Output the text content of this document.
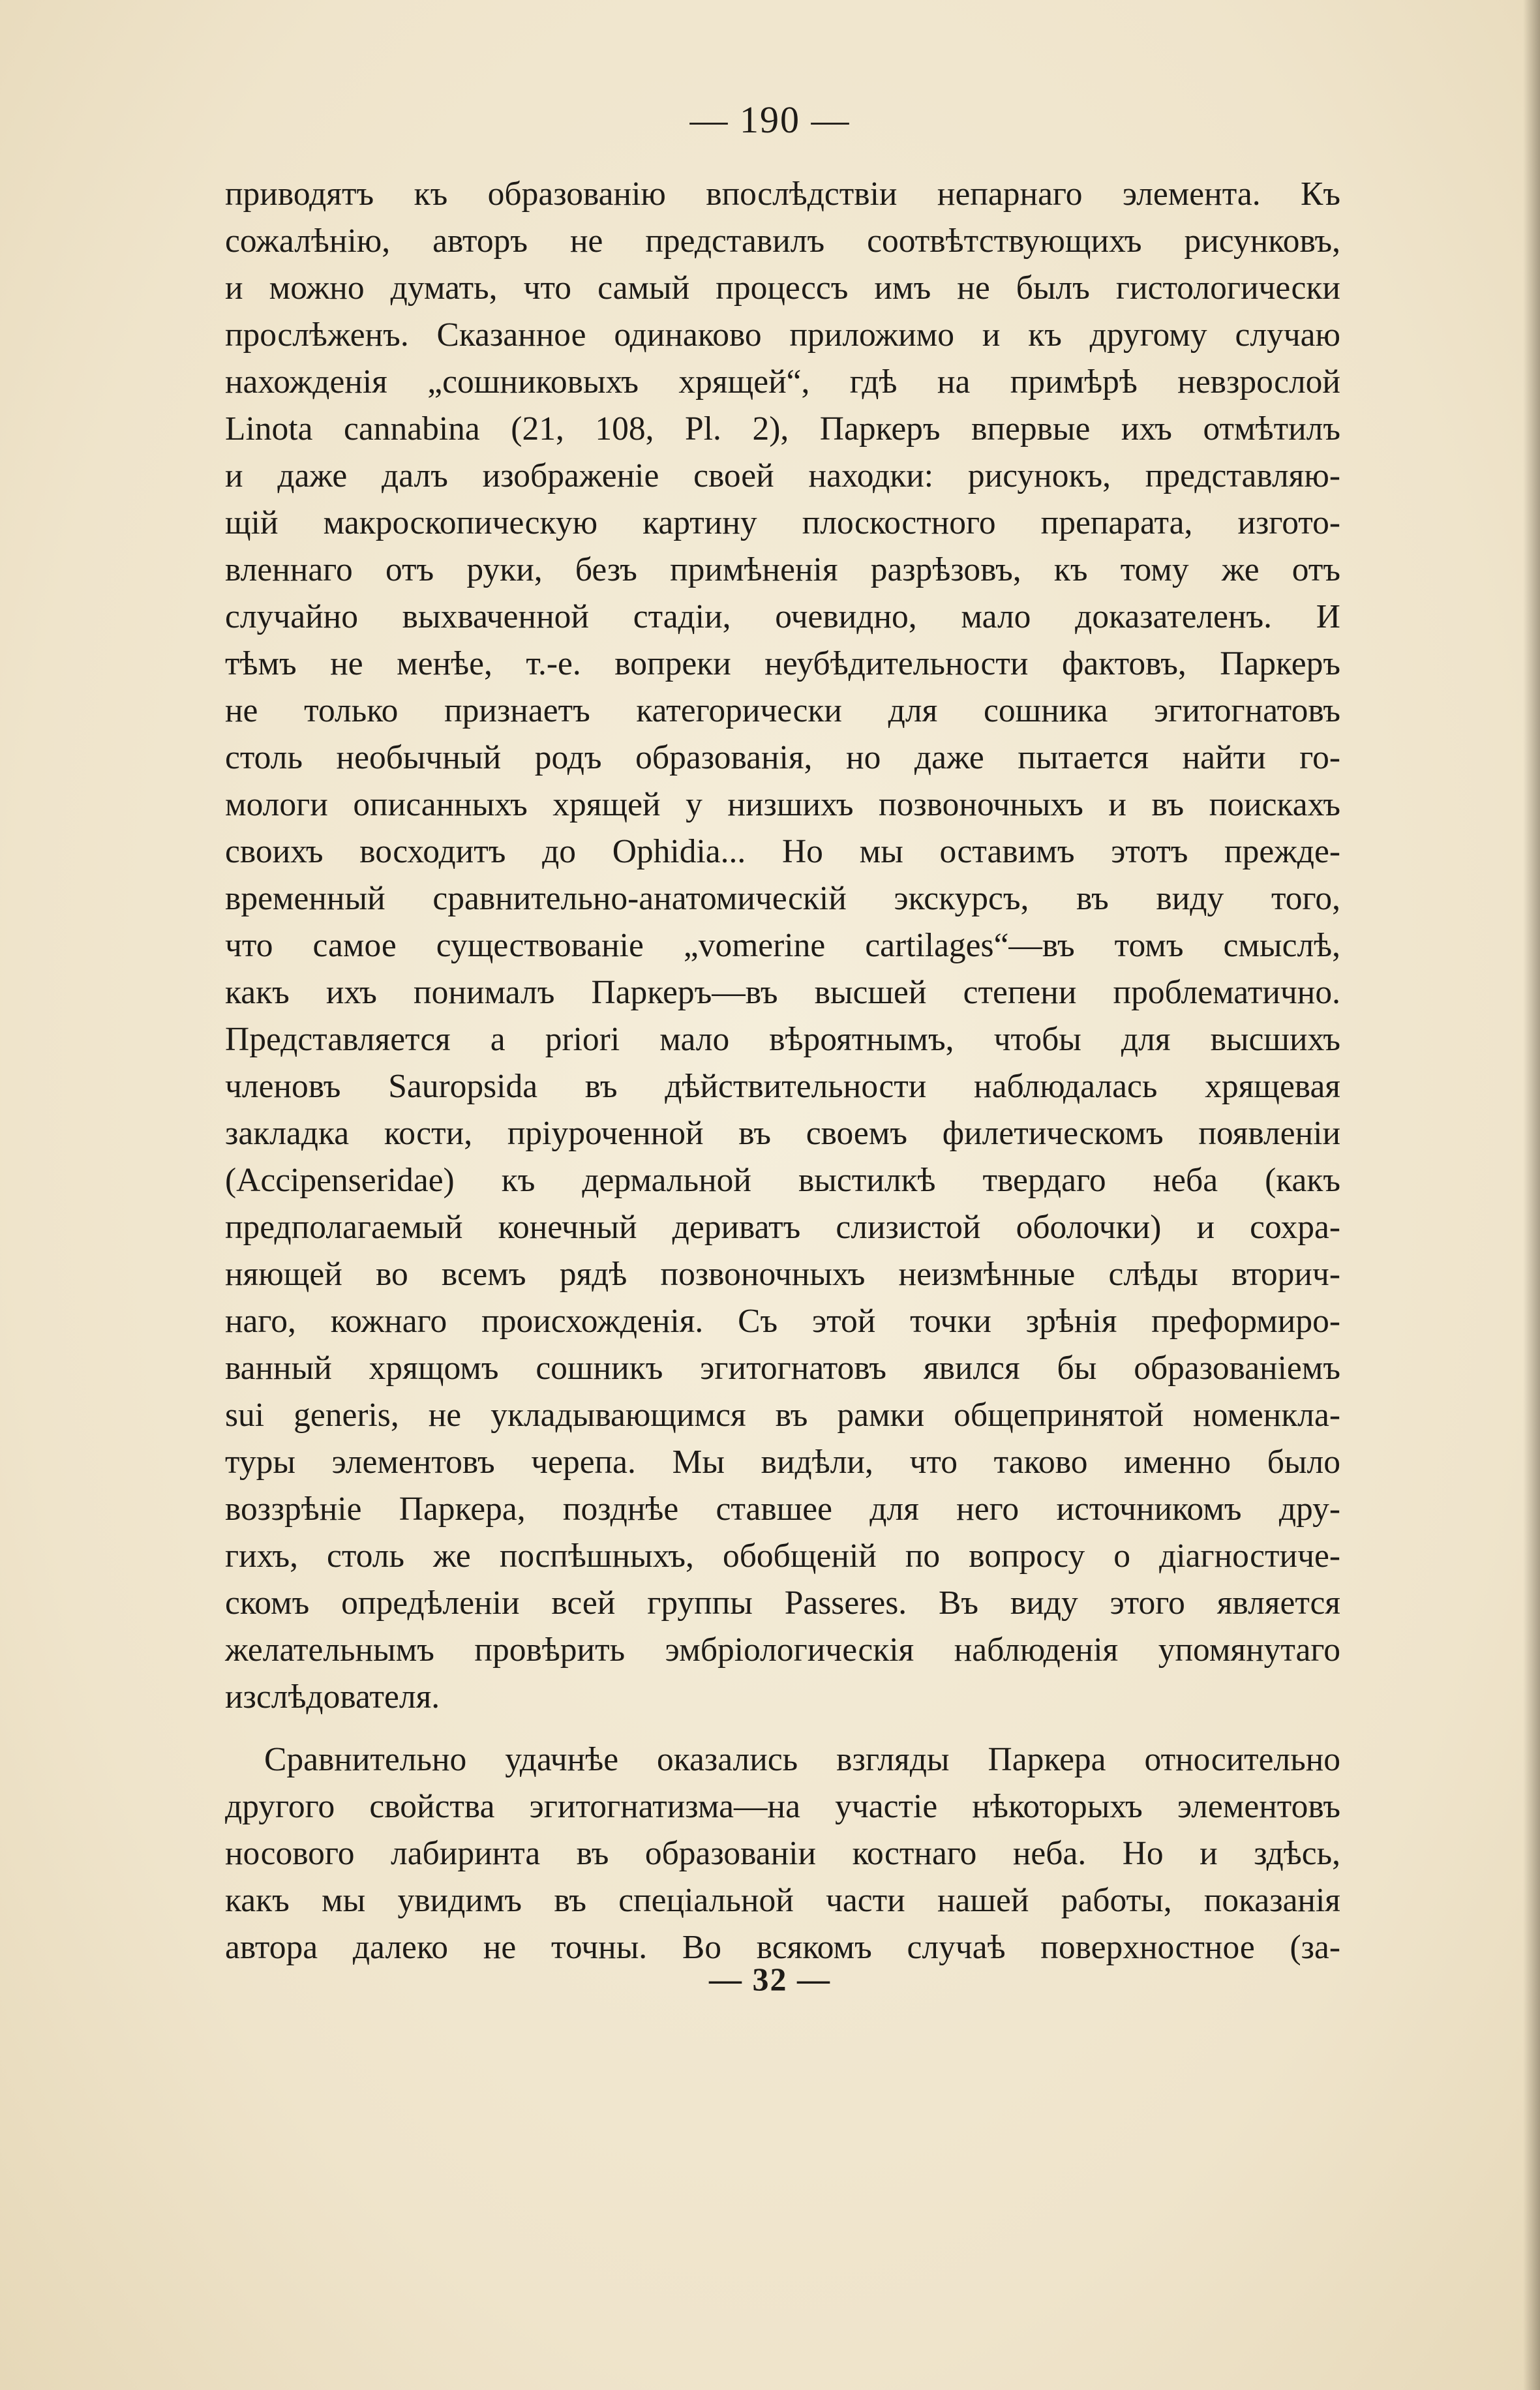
— 190 —
приводятъ къ образованію впослѣдствіи непарнаго элемента. Къ
сожалѣнію, авторъ не представилъ соотвѣтствующихъ рисунковъ,
и можно думать, что самый процессъ имъ не былъ гистологически
прослѣженъ. Сказанное одинаково приложимо и къ другому случаю
нахожденія „сошниковыхъ хрящей“, гдѣ на примѣрѣ невзрослой
Linota cannabina (21, 108, Pl. 2), Паркеръ впервые ихъ отмѣтилъ
и даже далъ изображеніе своей находки: рисунокъ, представляю-
щій макроскопическую картину плоскостного препарата, изгото-
вленнаго отъ руки, безъ примѣненія разрѣзовъ, къ тому же отъ
случайно выхваченной стадіи, очевидно, мало доказателенъ. И
тѣмъ не менѣе, т.-е. вопреки неубѣдительности фактовъ, Паркеръ
не только признаетъ категорически для сошника эгитогнатовъ
столь необычный родъ образованія, но даже пытается найти го-
мологи описанныхъ хрящей у низшихъ позвоночныхъ и въ поискахъ
своихъ восходитъ до Ophidia... Но мы оставимъ этотъ прежде-
временный сравнительно-анатомическій экскурсъ, въ виду того,
что самое существованіе „vomerine cartilages“—въ томъ смыслѣ,
какъ ихъ понималъ Паркеръ—въ высшей степени проблематично.
Представляется a priori мало вѣроятнымъ, чтобы для высшихъ
членовъ Sauropsida въ дѣйствительности наблюдалась хрящевая
закладка кости, пріуроченной въ своемъ филетическомъ появленіи
(Accipenseridae) къ дермальной выстилкѣ твердаго неба (какъ
предполагаемый конечный дериватъ слизистой оболочки) и сохра-
няющей во всемъ рядѣ позвоночныхъ неизмѣнные слѣды вторич-
наго, кожнаго происхожденія. Съ этой точки зрѣнія преформиро-
ванный хрящомъ сошникъ эгитогнатовъ явился бы образованіемъ
sui generis, не укладывающимся въ рамки общепринятой номенкла-
туры элементовъ черепа. Мы видѣли, что таково именно было
воззрѣніе Паркера, позднѣе ставшее для него источникомъ дру-
гихъ, столь же поспѣшныхъ, обобщеній по вопросу о діагностиче-
скомъ опредѣленіи всей группы Passeres. Въ виду этого является
желательнымъ провѣрить эмбріологическія наблюденія упомянутаго
изслѣдователя.
Сравнительно удачнѣе оказались взгляды Паркера относительно
другого свойства эгитогнатизма—на участіе нѣкоторыхъ элементовъ
носового лабиринта въ образованіи костнаго неба. Но и здѣсь,
какъ мы увидимъ въ спеціальной части нашей работы, показанія
автора далеко не точны. Во всякомъ случаѣ поверхностное (за-
— 32 —
